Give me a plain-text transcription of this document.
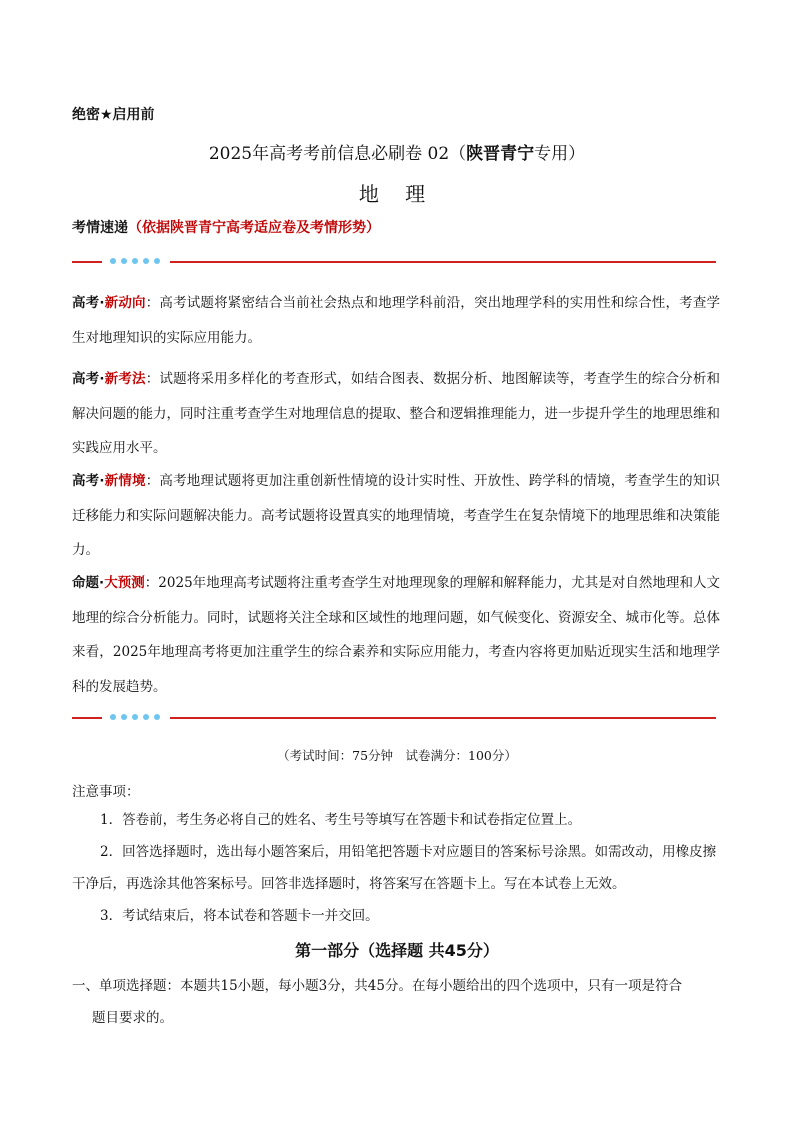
绝密★启用前
2025年高考考前信息必刷卷 02（陕晋青宁专用）
地 理
考情速递（依据陕晋青宁高考适应卷及考情形势）
高考·新动向：高考试题将紧密结合当前社会热点和地理学科前沿，突出地理学科的实用性和综合性，考查学生对地理知识的实际应用能力。
高考·新考法：试题将采用多样化的考查形式，如结合图表、数据分析、地图解读等，考查学生的综合分析和解决问题的能力，同时注重考查学生对地理信息的提取、整合和逻辑推理能力，进一步提升学生的地理思维和实践应用水平。
高考·新情境：高考地理试题将更加注重创新性情境的设计实时性、开放性、跨学科的情境，考查学生的知识迁移能力和实际问题解决能力。高考试题将设置真实的地理情境，考查学生在复杂情境下的地理思维和决策能力。
命题·大预测：2025年地理高考试题将注重考查学生对地理现象的理解和解释能力，尤其是对自然地理和人文地理的综合分析能力。同时，试题将关注全球和区域性的地理问题，如气候变化、资源安全、城市化等。总体来看，2025年地理高考将更加注重学生的综合素养和实际应用能力，考查内容将更加贴近现实生活和地理学科的发展趋势。
（考试时间：75分钟　试卷满分：100分）
注意事项：
1．答卷前，考生务必将自己的姓名、考生号等填写在答题卡和试卷指定位置上。
2．回答选择题时，选出每小题答案后，用铅笔把答题卡对应题目的答案标号涂黑。如需改动，用橡皮擦干净后，再选涂其他答案标号。回答非选择题时，将答案写在答题卡上。写在本试卷上无效。
3．考试结束后，将本试卷和答题卡一并交回。
第一部分（选择题 共45分）
一、单项选择题：本题共15小题，每小题3分，共45分。在每小题给出的四个选项中，只有一项是符合
题目要求的。
